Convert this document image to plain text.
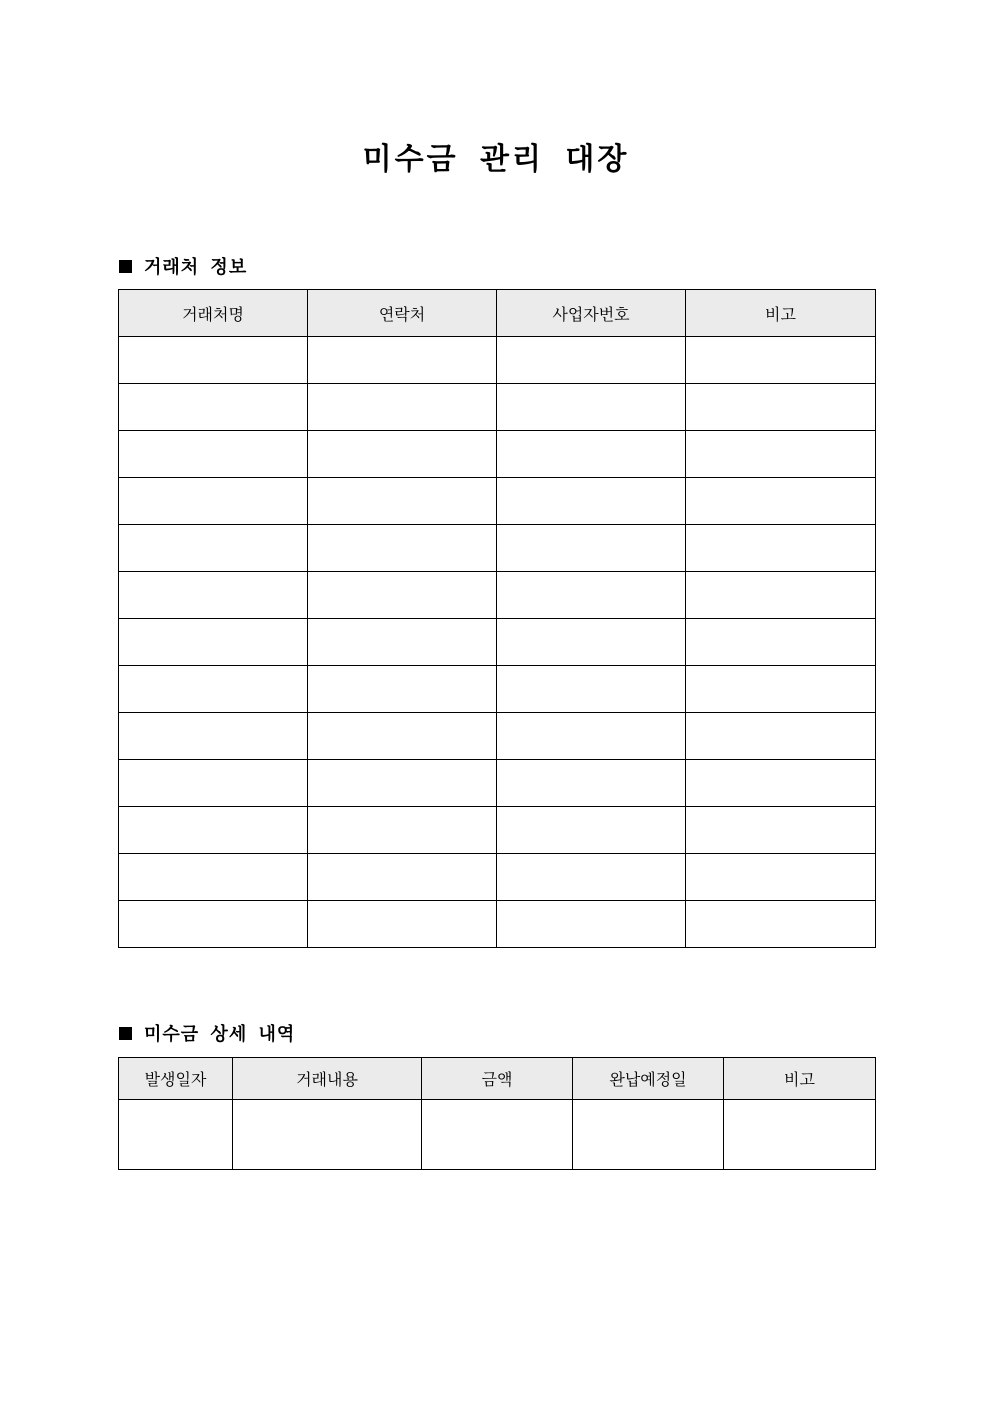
미수금 관리 대장
거래처 정보
거래처명	연락처	사업자번호	비고

미수금 상세 내역
발생일자	거래내용	금액	완납예정일	비고
